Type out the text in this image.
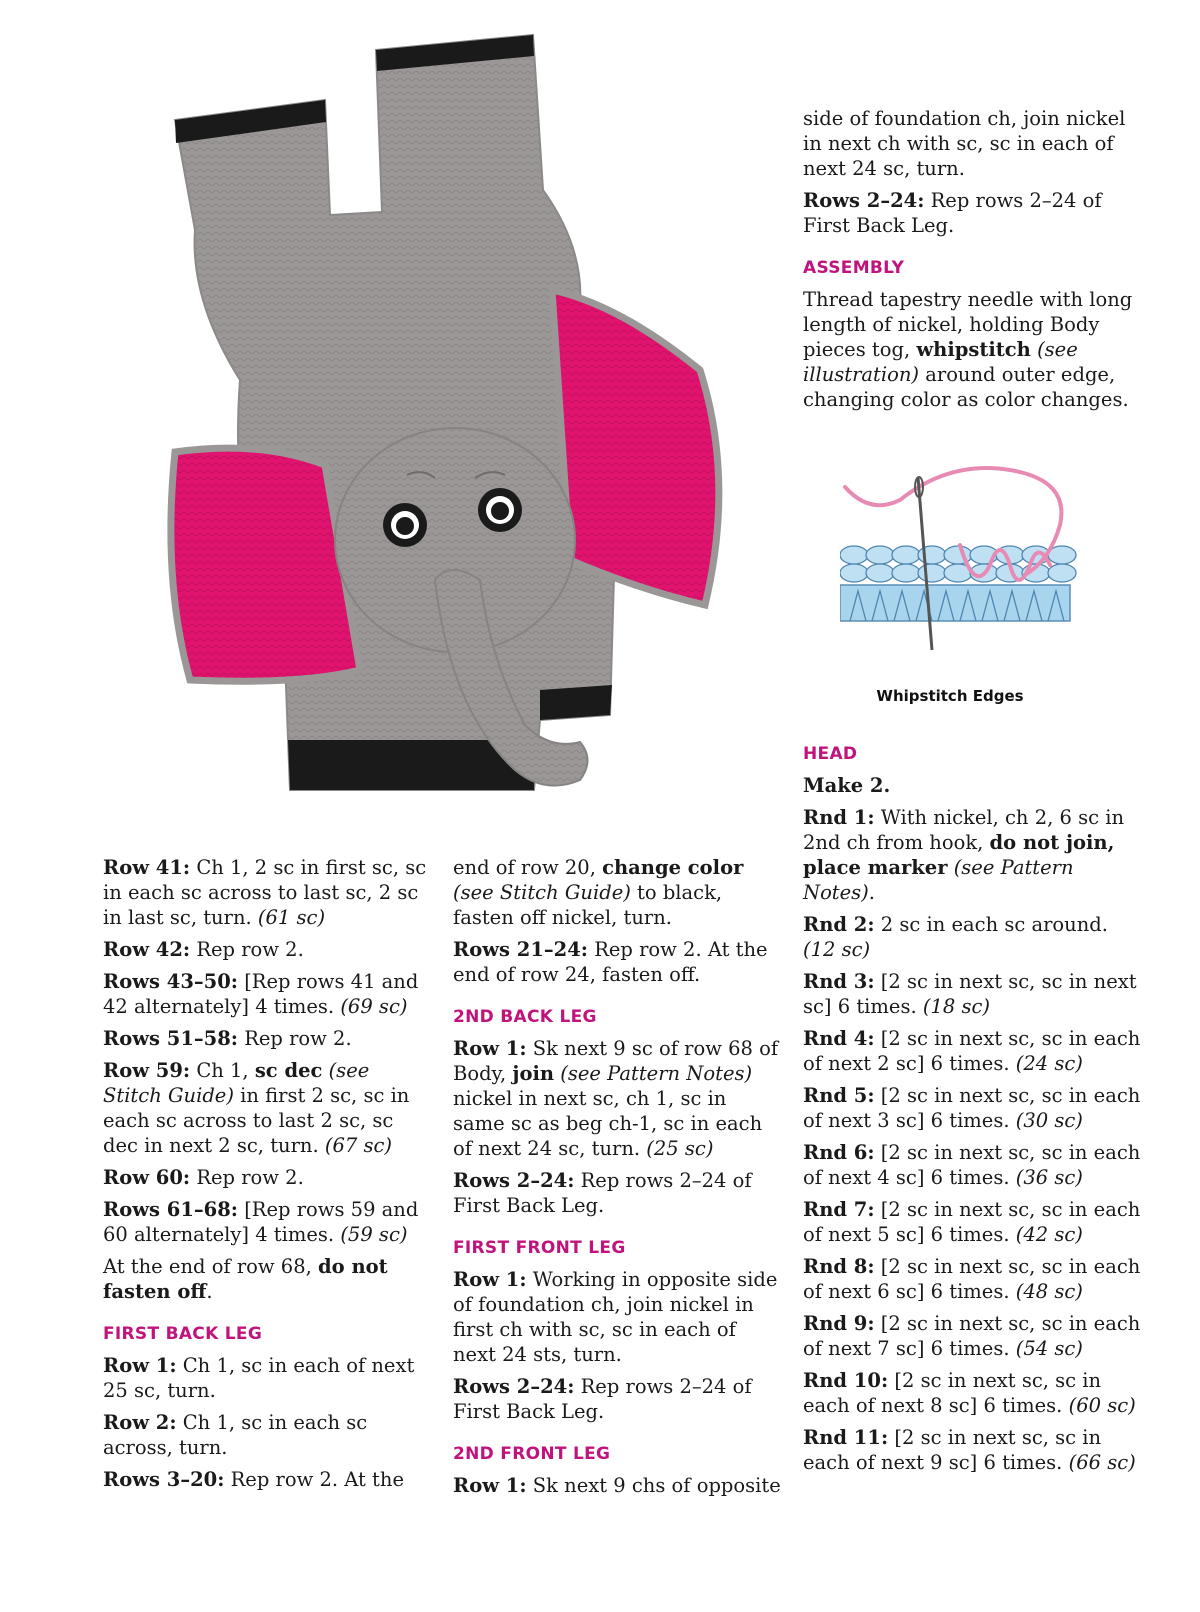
Row 41: Ch 1, 2 sc in first sc, sc in each sc across to last sc, 2 sc in last sc, turn. (61 sc)

Row 42: Rep row 2.

Rows 43–50: [Rep rows 41 and 42 alternately] 4 times. (69 sc)

Rows 51–58: Rep row 2.

Row 59: Ch 1, sc dec (see Stitch Guide) in first 2 sc, sc in each sc across to last 2 sc, sc dec in next 2 sc, turn. (67 sc)

Row 60: Rep row 2.

Rows 61–68: [Rep rows 59 and 60 alternately] 4 times. (59 sc)

At the end of row 68, do not fasten off.

FIRST BACK LEG

Row 1: Ch 1, sc in each of next 25 sc, turn.

Row 2: Ch 1, sc in each sc across, turn.

Rows 3–20: Rep row 2. At the

end of row 20, change color (see Stitch Guide) to black, fasten off nickel, turn.

Rows 21–24: Rep row 2. At the end of row 24, fasten off.

2ND BACK LEG

Row 1: Sk next 9 sc of row 68 of Body, join (see Pattern Notes) nickel in next sc, ch 1, sc in same sc as beg ch-1, sc in each of next 24 sc, turn. (25 sc)

Rows 2–24: Rep rows 2–24 of First Back Leg.

FIRST FRONT LEG

Row 1: Working in opposite side of foundation ch, join nickel in first ch with sc, sc in each of next 24 sts, turn.

Rows 2–24: Rep rows 2–24 of First Back Leg.

2ND FRONT LEG

Row 1: Sk next 9 chs of opposite

side of foundation ch, join nickel in next ch with sc, sc in each of next 24 sc, turn.

Rows 2–24: Rep rows 2–24 of First Back Leg.

ASSEMBLY

Thread tapestry needle with long length of nickel, holding Body pieces tog, whipstitch (see illustration) around outer edge, changing color as color changes.

Whipstitch Edges
HEAD

Make 2.

Rnd 1: With nickel, ch 2, 6 sc in 2nd ch from hook, do not join, place marker (see Pattern Notes).

Rnd 2: 2 sc in each sc around. (12 sc)

Rnd 3: [2 sc in next sc, sc in next sc] 6 times. (18 sc)

Rnd 4: [2 sc in next sc, sc in each of next 2 sc] 6 times. (24 sc)

Rnd 5: [2 sc in next sc, sc in each of next 3 sc] 6 times. (30 sc)

Rnd 6: [2 sc in next sc, sc in each of next 4 sc] 6 times. (36 sc)

Rnd 7: [2 sc in next sc, sc in each of next 5 sc] 6 times. (42 sc)

Rnd 8: [2 sc in next sc, sc in each of next 6 sc] 6 times. (48 sc)

Rnd 9: [2 sc in next sc, sc in each of next 7 sc] 6 times. (54 sc)

Rnd 10: [2 sc in next sc, sc in each of next 8 sc] 6 times. (60 sc)

Rnd 11: [2 sc in next sc, sc in each of next 9 sc] 6 times. (66 sc)
